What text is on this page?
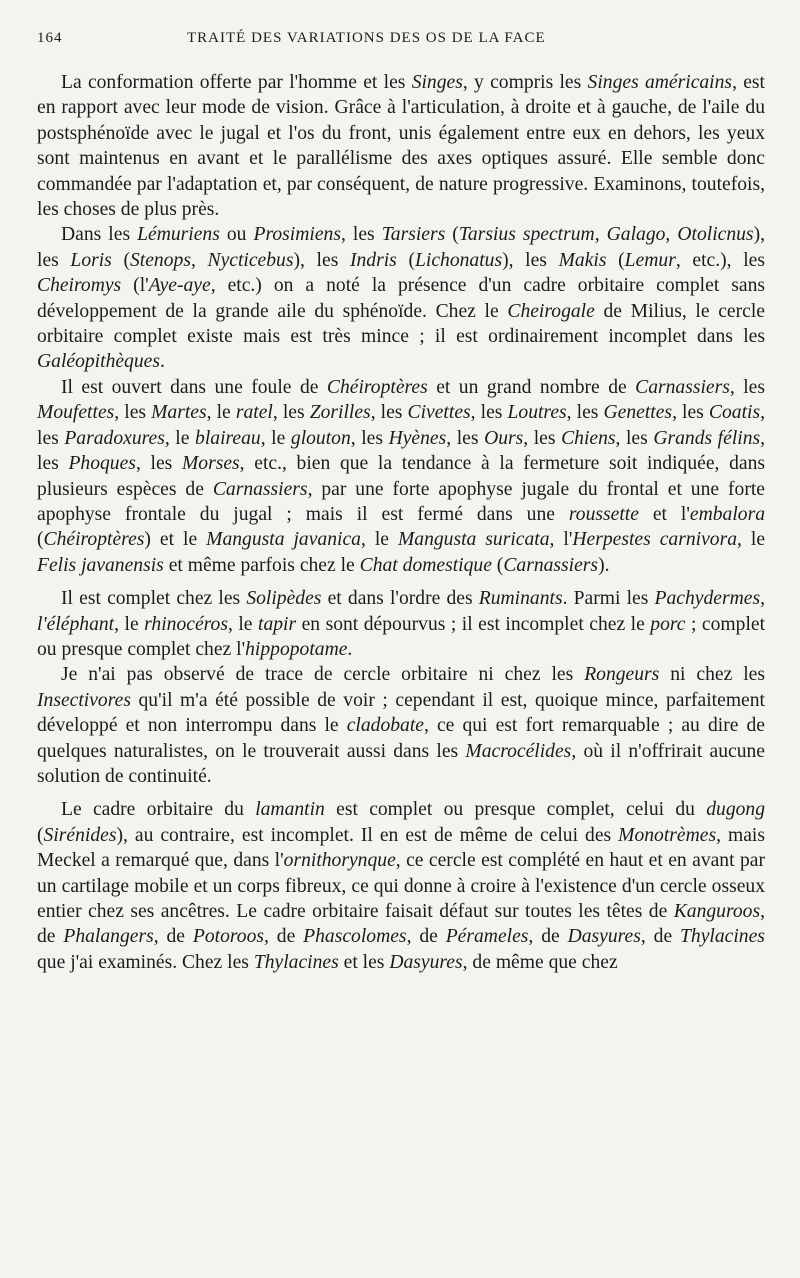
164	TRAITÉ DES VARIATIONS DES OS DE LA FACE

La conformation offerte par l'homme et les Singes, y compris les Singes américains, est en rapport avec leur mode de vision. Grâce à l'articulation, à droite et à gauche, de l'aile du postsphénoïde avec le jugal et l'os du front, unis également entre eux en dehors, les yeux sont maintenus en avant et le parallélisme des axes optiques assuré. Elle semble donc commandée par l'adaptation et, par conséquent, de nature progressive. Examinons, toutefois, les choses de plus près.

Dans les Lémuriens ou Prosimiens, les Tarsiers (Tarsius spectrum, Galago, Otolicnus), les Loris (Stenops, Nycticebus), les Indris (Lichonatus), les Makis (Lemur, etc.), les Cheiromys (l'Aye-aye, etc.) on a noté la présence d'un cadre orbitaire complet sans développement de la grande aile du sphénoïde. Chez le Cheirogale de Milius, le cercle orbitaire complet existe mais est très mince ; il est ordinairement incomplet dans les Galéopithèques.

Il est ouvert dans une foule de Chéiroptères et un grand nombre de Carnassiers, les Moufettes, les Martes, le ratel, les Zorilles, les Civettes, les Loutres, les Genettes, les Coatis, les Paradoxures, le blaireau, le glouton, les Hyènes, les Ours, les Chiens, les Grands félins, les Phoques, les Morses, etc., bien que la tendance à la fermeture soit indiquée, dans plusieurs espèces de Carnassiers, par une forte apophyse jugale du frontal et une forte apophyse frontale du jugal ; mais il est fermé dans une roussette et l'embalora (Chéiroptères) et le Mangusta javanica, le Mangusta suricata, l'Herpestes carnivora, le Felis javanensis et même parfois chez le Chat domestique (Carnassiers).

Il est complet chez les Solipèdes et dans l'ordre des Ruminants. Parmi les Pachydermes, l'éléphant, le rhinocéros, le tapir en sont dépourvus ; il est incomplet chez le porc ; complet ou presque complet chez l'hippopotame.

Je n'ai pas observé de trace de cercle orbitaire ni chez les Rongeurs ni chez les Insectivores qu'il m'a été possible de voir ; cependant il est, quoique mince, parfaitement développé et non interrompu dans le cladobate, ce qui est fort remarquable ; au dire de quelques naturalistes, on le trouverait aussi dans les Macrocélides, où il n'offrirait aucune solution de continuité.

Le cadre orbitaire du lamantin est complet ou presque complet, celui du dugong (Sirénides), au contraire, est incomplet. Il en est de même de celui des Monotrèmes, mais Meckel a remarqué que, dans l'ornithorynque, ce cercle est complété en haut et en avant par un cartilage mobile et un corps fibreux, ce qui donne à croire à l'existence d'un cercle osseux entier chez ses ancêtres. Le cadre orbitaire faisait défaut sur toutes les têtes de Kanguroos, de Phalangers, de Potoroos, de Phascolomes, de Pérameles, de Dasyures, de Thylacines que j'ai examinés. Chez les Thylacines et les Dasyures, de même que chez
